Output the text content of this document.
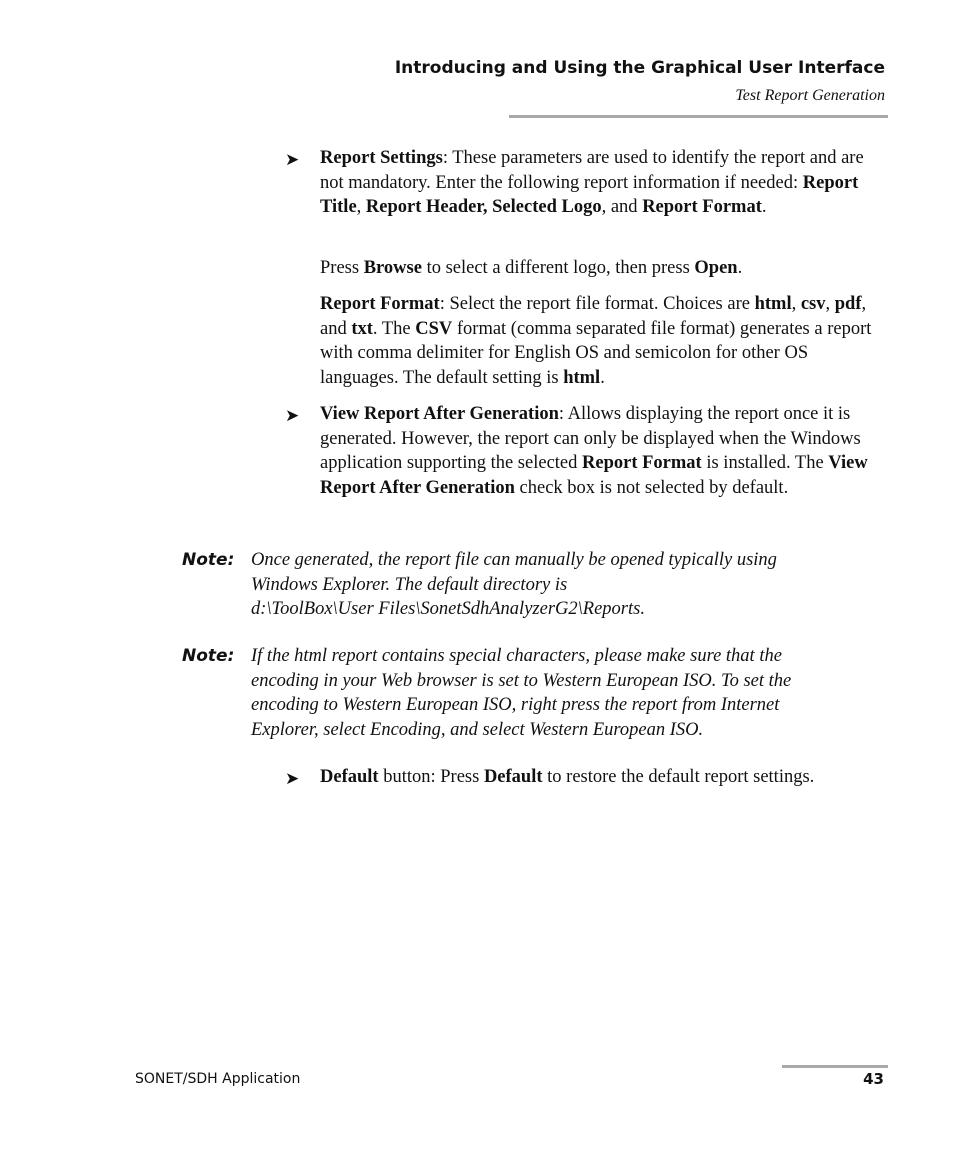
Introducing and Using the Graphical User Interface
Test Report Generation
➤ Report Settings: These parameters are used to identify the report and are not mandatory. Enter the following report information if needed: Report Title, Report Header, Selected Logo, and Report Format.

Press Browse to select a different logo, then press Open.

Report Format: Select the report file format. Choices are html, csv, pdf, and txt. The CSV format (comma separated file format) generates a report with comma delimiter for English OS and semicolon for other OS languages. The default setting is html.

➤ View Report After Generation: Allows displaying the report once it is generated. However, the report can only be displayed when the Windows application supporting the selected Report Format is installed. The View Report After Generation check box is not selected by default.

Note: Once generated, the report file can manually be opened typically using
Windows Explorer. The default directory is
d:\ToolBox\User Files\SonetSdhAnalyzerG2\Reports.
Note: If the html report contains special characters, please make sure that the
encoding in your Web browser is set to Western European ISO. To set the
encoding to Western European ISO, right press the report from Internet
Explorer, select Encoding, and select Western European ISO.
➤ Default button: Press Default to restore the default report settings.

SONET/SDH Application	43
